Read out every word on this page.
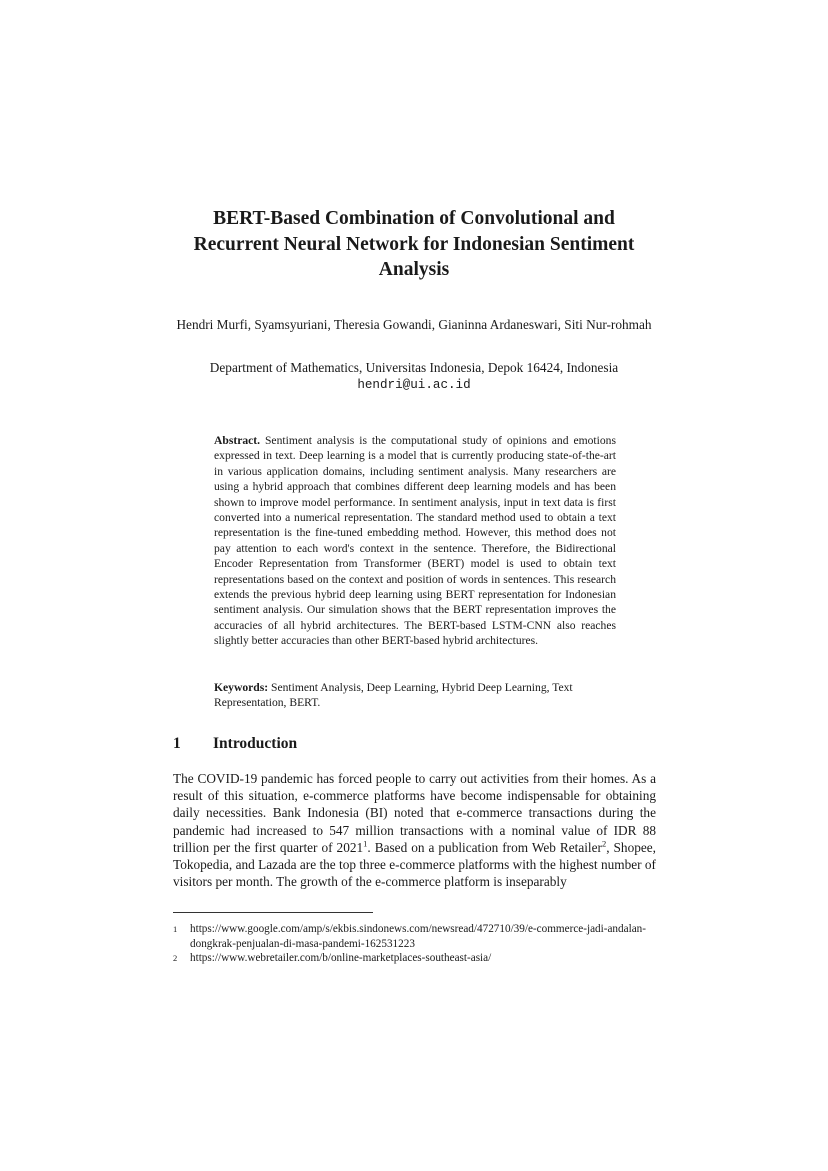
BERT-Based Combination of Convolutional and Recurrent Neural Network for Indonesian Sentiment Analysis
Hendri Murfi, Syamsyuriani, Theresia Gowandi, Gianinna Ardaneswari, Siti Nur-rohmah
Department of Mathematics, Universitas Indonesia, Depok 16424, Indonesia
hendri@ui.ac.id

Abstract. Sentiment analysis is the computational study of opinions and emotions expressed in text. Deep learning is a model that is currently producing state-of-the-art in various application domains, including sentiment analysis. Many researchers are using a hybrid approach that combines different deep learning models and has been shown to improve model performance. In sentiment analysis, input in text data is first converted into a numerical representation. The standard method used to obtain a text representation is the fine-tuned embedding method. However, this method does not pay attention to each word's context in the sentence. Therefore, the Bidirectional Encoder Representation from Transformer (BERT) model is used to obtain text representations based on the context and position of words in sentences. This research extends the previous hybrid deep learning using BERT representation for Indonesian sentiment analysis. Our simulation shows that the BERT representation improves the accuracies of all hybrid architectures. The BERT-based LSTM-CNN also reaches slightly better accuracies than other BERT-based hybrid architectures.

Keywords: Sentiment Analysis, Deep Learning, Hybrid Deep Learning, Text Representation, BERT.

1 Introduction

The COVID-19 pandemic has forced people to carry out activities from their homes. As a result of this situation, e-commerce platforms have become indispensable for obtaining daily necessities. Bank Indonesia (BI) noted that e-commerce transactions during the pandemic had increased to 547 million transactions with a nominal value of IDR 88 trillion per the first quarter of 2021$^1$. Based on a publication from Web Retailer$^2$, Shopee, Tokopedia, and Lazada are the top three e-commerce platforms with the highest number of visitors per month. The growth of the e-commerce platform is inseparably

1	https://www.google.com/amp/s/ekbis.sindonews.com/newsread/472710/39/e-commerce-jadi-andalan-dongkrak-penjualan-di-masa-pandemi-162531223
2	https://www.webretailer.com/b/online-marketplaces-southeast-asia/
